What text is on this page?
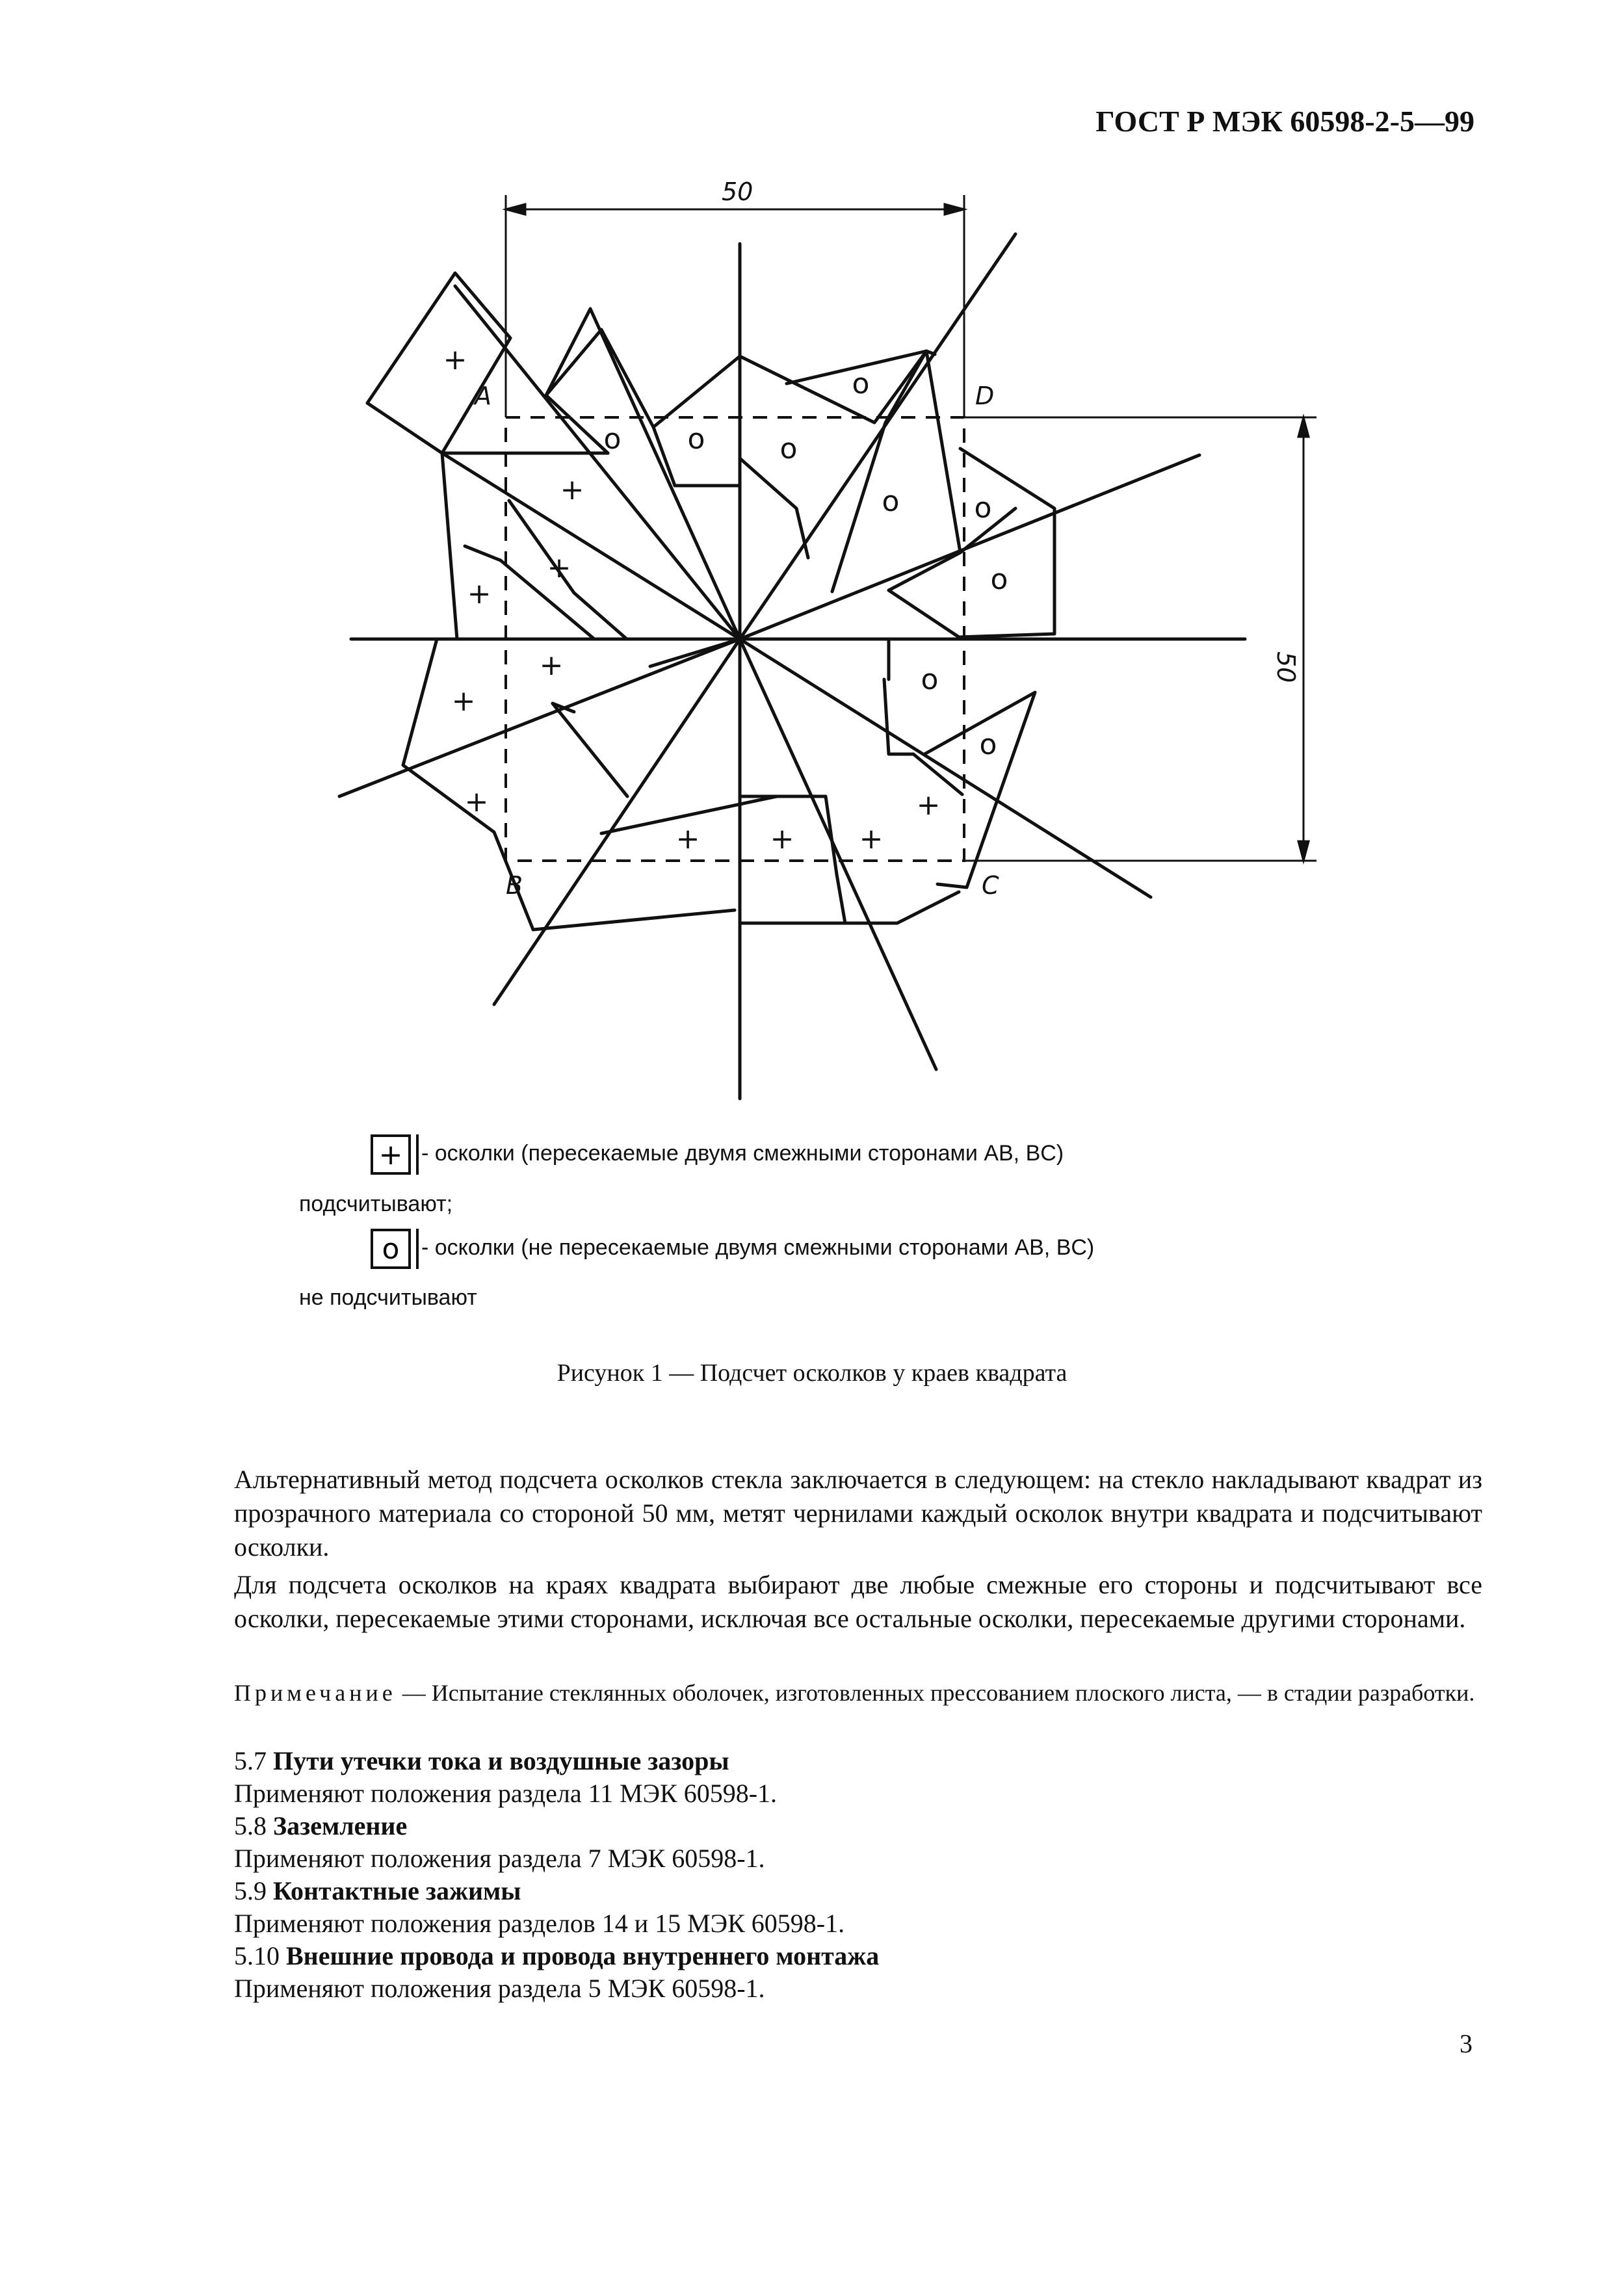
ГОСТ Р МЭК 60598-2-5—99
50
50
A	D
B	C
+
+
+
+
+
+
+
+ + +
+
o o	o
o
o	o
o
o
o
+ - осколки (пересекаемые двумя смежными сторонами AB, BC)
подсчитывают;
o - осколки (не пересекаемые двумя смежными сторонами AB, BC)
не подсчитывают
Рисунок 1 — Подсчет осколков у краев квадрата
Альтернативный метод подсчета осколков стекла заключается в следующем: на стекло накладывают квадрат из прозрачного материала со стороной 50 мм, метят чернилами каждый осколок внутри квадрата и подсчитывают осколки.
Для подсчета осколков на краях квадрата выбирают две любые смежные его стороны и подсчитывают все осколки, пересекаемые этими сторонами, исключая все остальные осколки, пересекаемые другими сторонами.
Примечание — Испытание стеклянных оболочек, изготовленных прессованием плоского листа, — в стадии разработки.
5.7 Пути утечки тока и воздушные зазоры
Применяют положения раздела 11 МЭК 60598-1.
5.8 Заземление
Применяют положения раздела 7 МЭК 60598-1.
5.9 Контактные зажимы
Применяют положения разделов 14 и 15 МЭК 60598-1.
5.10 Внешние провода и провода внутреннего монтажа
Применяют положения раздела 5 МЭК 60598-1.
3
